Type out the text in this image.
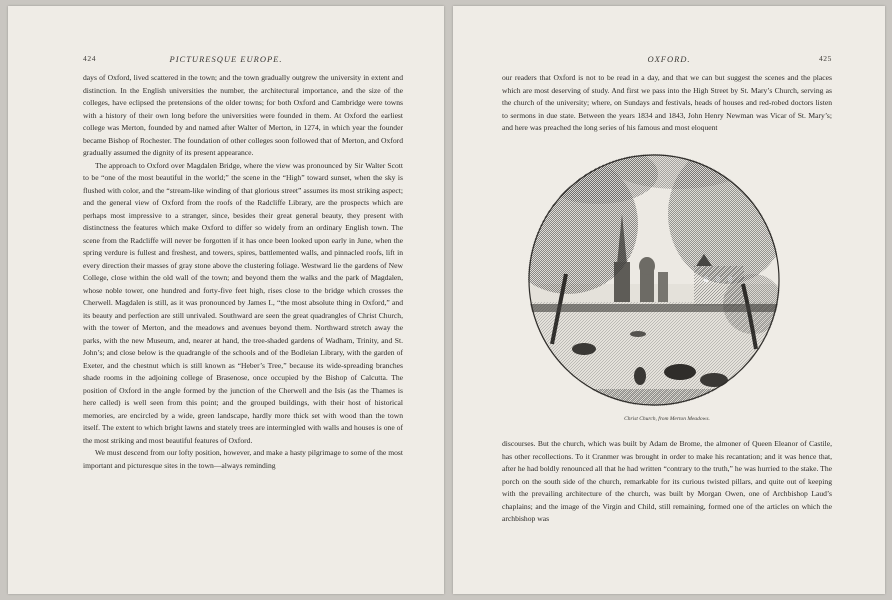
424	PICTURESQUE EUROPE.

days of Oxford, lived scattered in the town; and the town gradually outgrew the university in extent and distinction. In the English universities the number, the architectural importance, and the size of the colleges, have eclipsed the pretensions of the older towns; for both Oxford and Cambridge were towns with a history of their own long before the universities were founded in them. At Oxford the earliest college was Merton, founded by and named after Walter of Merton, in 1274, in which year the founder became Bishop of Rochester. The foundation of other colleges soon followed that of Merton, and Oxford gradually assumed the dignity of its present appearance.

The approach to Oxford over Magdalen Bridge, where the view was pronounced by Sir Walter Scott to be “one of the most beautiful in the world;” the scene in the “High” toward sunset, when the sky is flushed with color, and the “stream-like winding of that glorious street” assumes its most striking aspect; and the general view of Oxford from the roofs of the Radcliffe Library, are the prospects which are perhaps most impressive to a stranger, since, besides their great general beauty, they present with distinctness the features which make Oxford to differ so widely from an ordinary English town. The scene from the Radcliffe will never be forgotten if it has once been looked upon early in June, when the spring verdure is fullest and freshest, and towers, spires, battlemented walls, and pinnacled roofs, lift in every direction their masses of gray stone above the clustering foliage. Westward lie the gardens of New College, close within the old wall of the town; and beyond them the walks and the park of Magdalen, whose noble tower, one hundred and forty-five feet high, rises close to the bridge which crosses the Cherwell. Magdalen is still, as it was pronounced by James I., “the most absolute thing in Oxford,” and its beauty and perfection are still unrivaled. Southward are seen the great quadrangles of Christ Church, with the tower of Merton, and the meadows and avenues beyond them. Northward stretch away the parks, with the new Museum, and, nearer at hand, the tree-shaded gardens of Wadham, Trinity, and St. John’s; and close below is the quadrangle of the schools and of the Bodleian Library, with the garden of Exeter, and the chestnut which is still known as “Heber’s Tree,” because its wide-spreading branches shade rooms in the adjoining college of Brasenose, once occupied by the Bishop of Calcutta. The position of Oxford in the angle formed by the junction of the Cherwell and the Isis (as the Thames is here called) is well seen from this point; and the grouped buildings, with their host of historical memories, are encircled by a wide, green landscape, hardly more thick set with wood than the town itself. The extent to which bright lawns and stately trees are intermingled with walls and houses is one of the most striking and most beautiful features of Oxford.

We must descend from our lofty position, however, and make a hasty pilgrimage to some of the most important and picturesque sites in the town—always reminding

OXFORD.	425

our readers that Oxford is not to be read in a day, and that we can but suggest the scenes and the places which are most deserving of study. And first we pass into the High Street by St. Mary’s Church, serving as the church of the university; where, on Sundays and festivals, heads of houses and red-robed doctors listen to sermons in due state. Between the years 1834 and 1843, John Henry Newman was Vicar of St. Mary’s; and here was preached the long series of his famous and most eloquent

Christ Church, from Merton Meadows.

discourses. But the church, which was built by Adam de Brome, the almoner of Queen Eleanor of Castile, has other recollections. To it Cranmer was brought in order to make his recantation; and it was hence that, after he had boldly renounced all that he had written “contrary to the truth,” he was hurried to the stake. The porch on the south side of the church, remarkable for its curious twisted pillars, and quite out of keeping with the prevailing architecture of the church, was built by Morgan Owen, one of Archbishop Laud’s chaplains; and the image of the Virgin and Child, still remaining, formed one of the articles on which the archbishop was
